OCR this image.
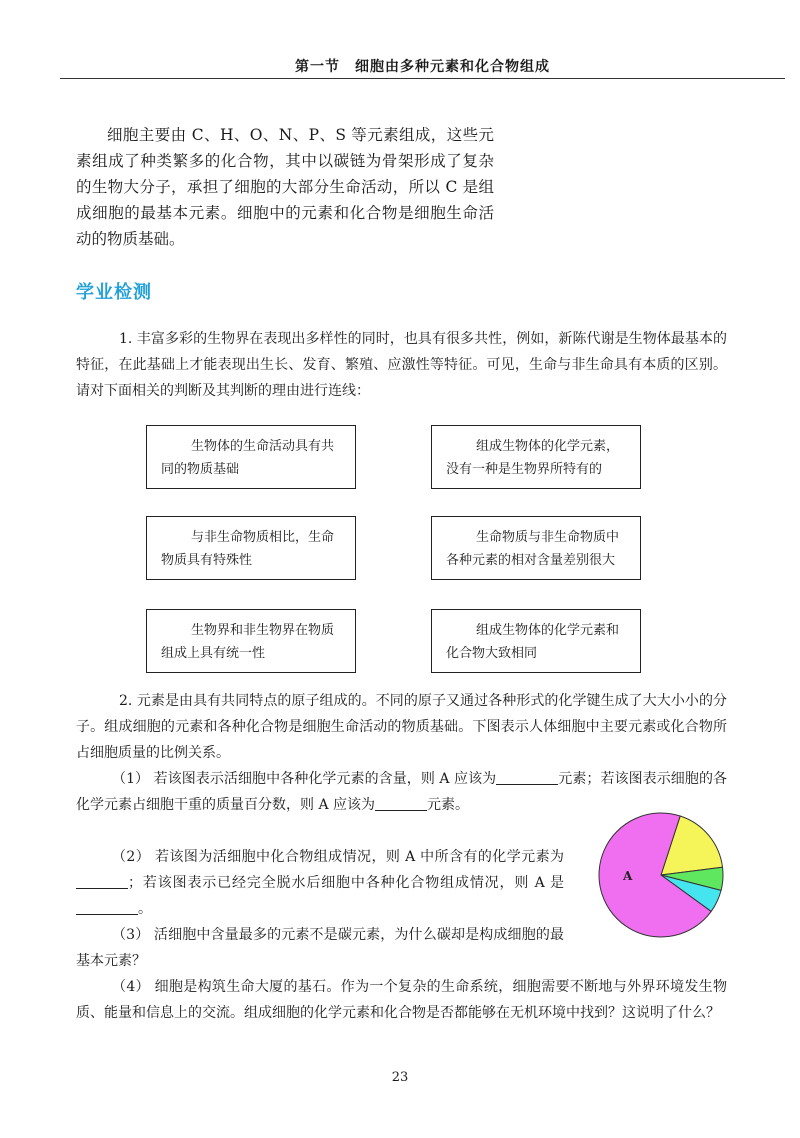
第一节　细胞由多种元素和化合物组成

细胞主要由 C、H、O、N、P、S 等元素组成，这些元素组成了种类繁多的化合物，其中以碳链为骨架形成了复杂的生物大分子，承担了细胞的大部分生命活动，所以 C 是组成细胞的最基本元素。细胞中的元素和化合物是细胞生命活动的物质基础。

学业检测

1. 丰富多彩的生物界在表现出多样性的同时，也具有很多共性，例如，新陈代谢是生物体最基本的特征，在此基础上才能表现出生长、发育、繁殖、应激性等特征。可见，生命与非生命具有本质的区别。请对下面相关的判断及其判断的理由进行连线：

生物体的生命活动具有共同的物质基础
与非生命物质相比，生命物质具有特殊性
生物界和非生物界在物质组成上具有统一性
组成生物体的化学元素，没有一种是生物界所特有的
生命物质与非生命物质中各种元素的相对含量差别很大
组成生物体的化学元素和化合物大致相同

2. 元素是由具有共同特点的原子组成的。不同的原子又通过各种形式的化学键生成了大大小小的分子。组成细胞的元素和各种化合物是细胞生命活动的物质基础。下图表示人体细胞中主要元素或化合物所占细胞质量的比例关系。

（1） 若该图表示活细胞中各种化学元素的含量，则 A 应该为	元素；若该图表示细胞的各化学元素占细胞干重的质量百分数，则 A 应该为	元素。

（2） 若该图为活细胞中化合物组成情况，则 A 中所含有的化学元素为；若该图表示已经完全脱水后细胞中各种化合物组成情况，则 A 是。

（3） 活细胞中含量最多的元素不是碳元素，为什么碳却是构成细胞的最基本元素？

（4） 细胞是构筑生命大厦的基石。作为一个复杂的生命系统，细胞需要不断地与外界环境发生物质、能量和信息上的交流。组成细胞的化学元素和化合物是否都能够在无机环境中找到？这说明了什么？

A
23
